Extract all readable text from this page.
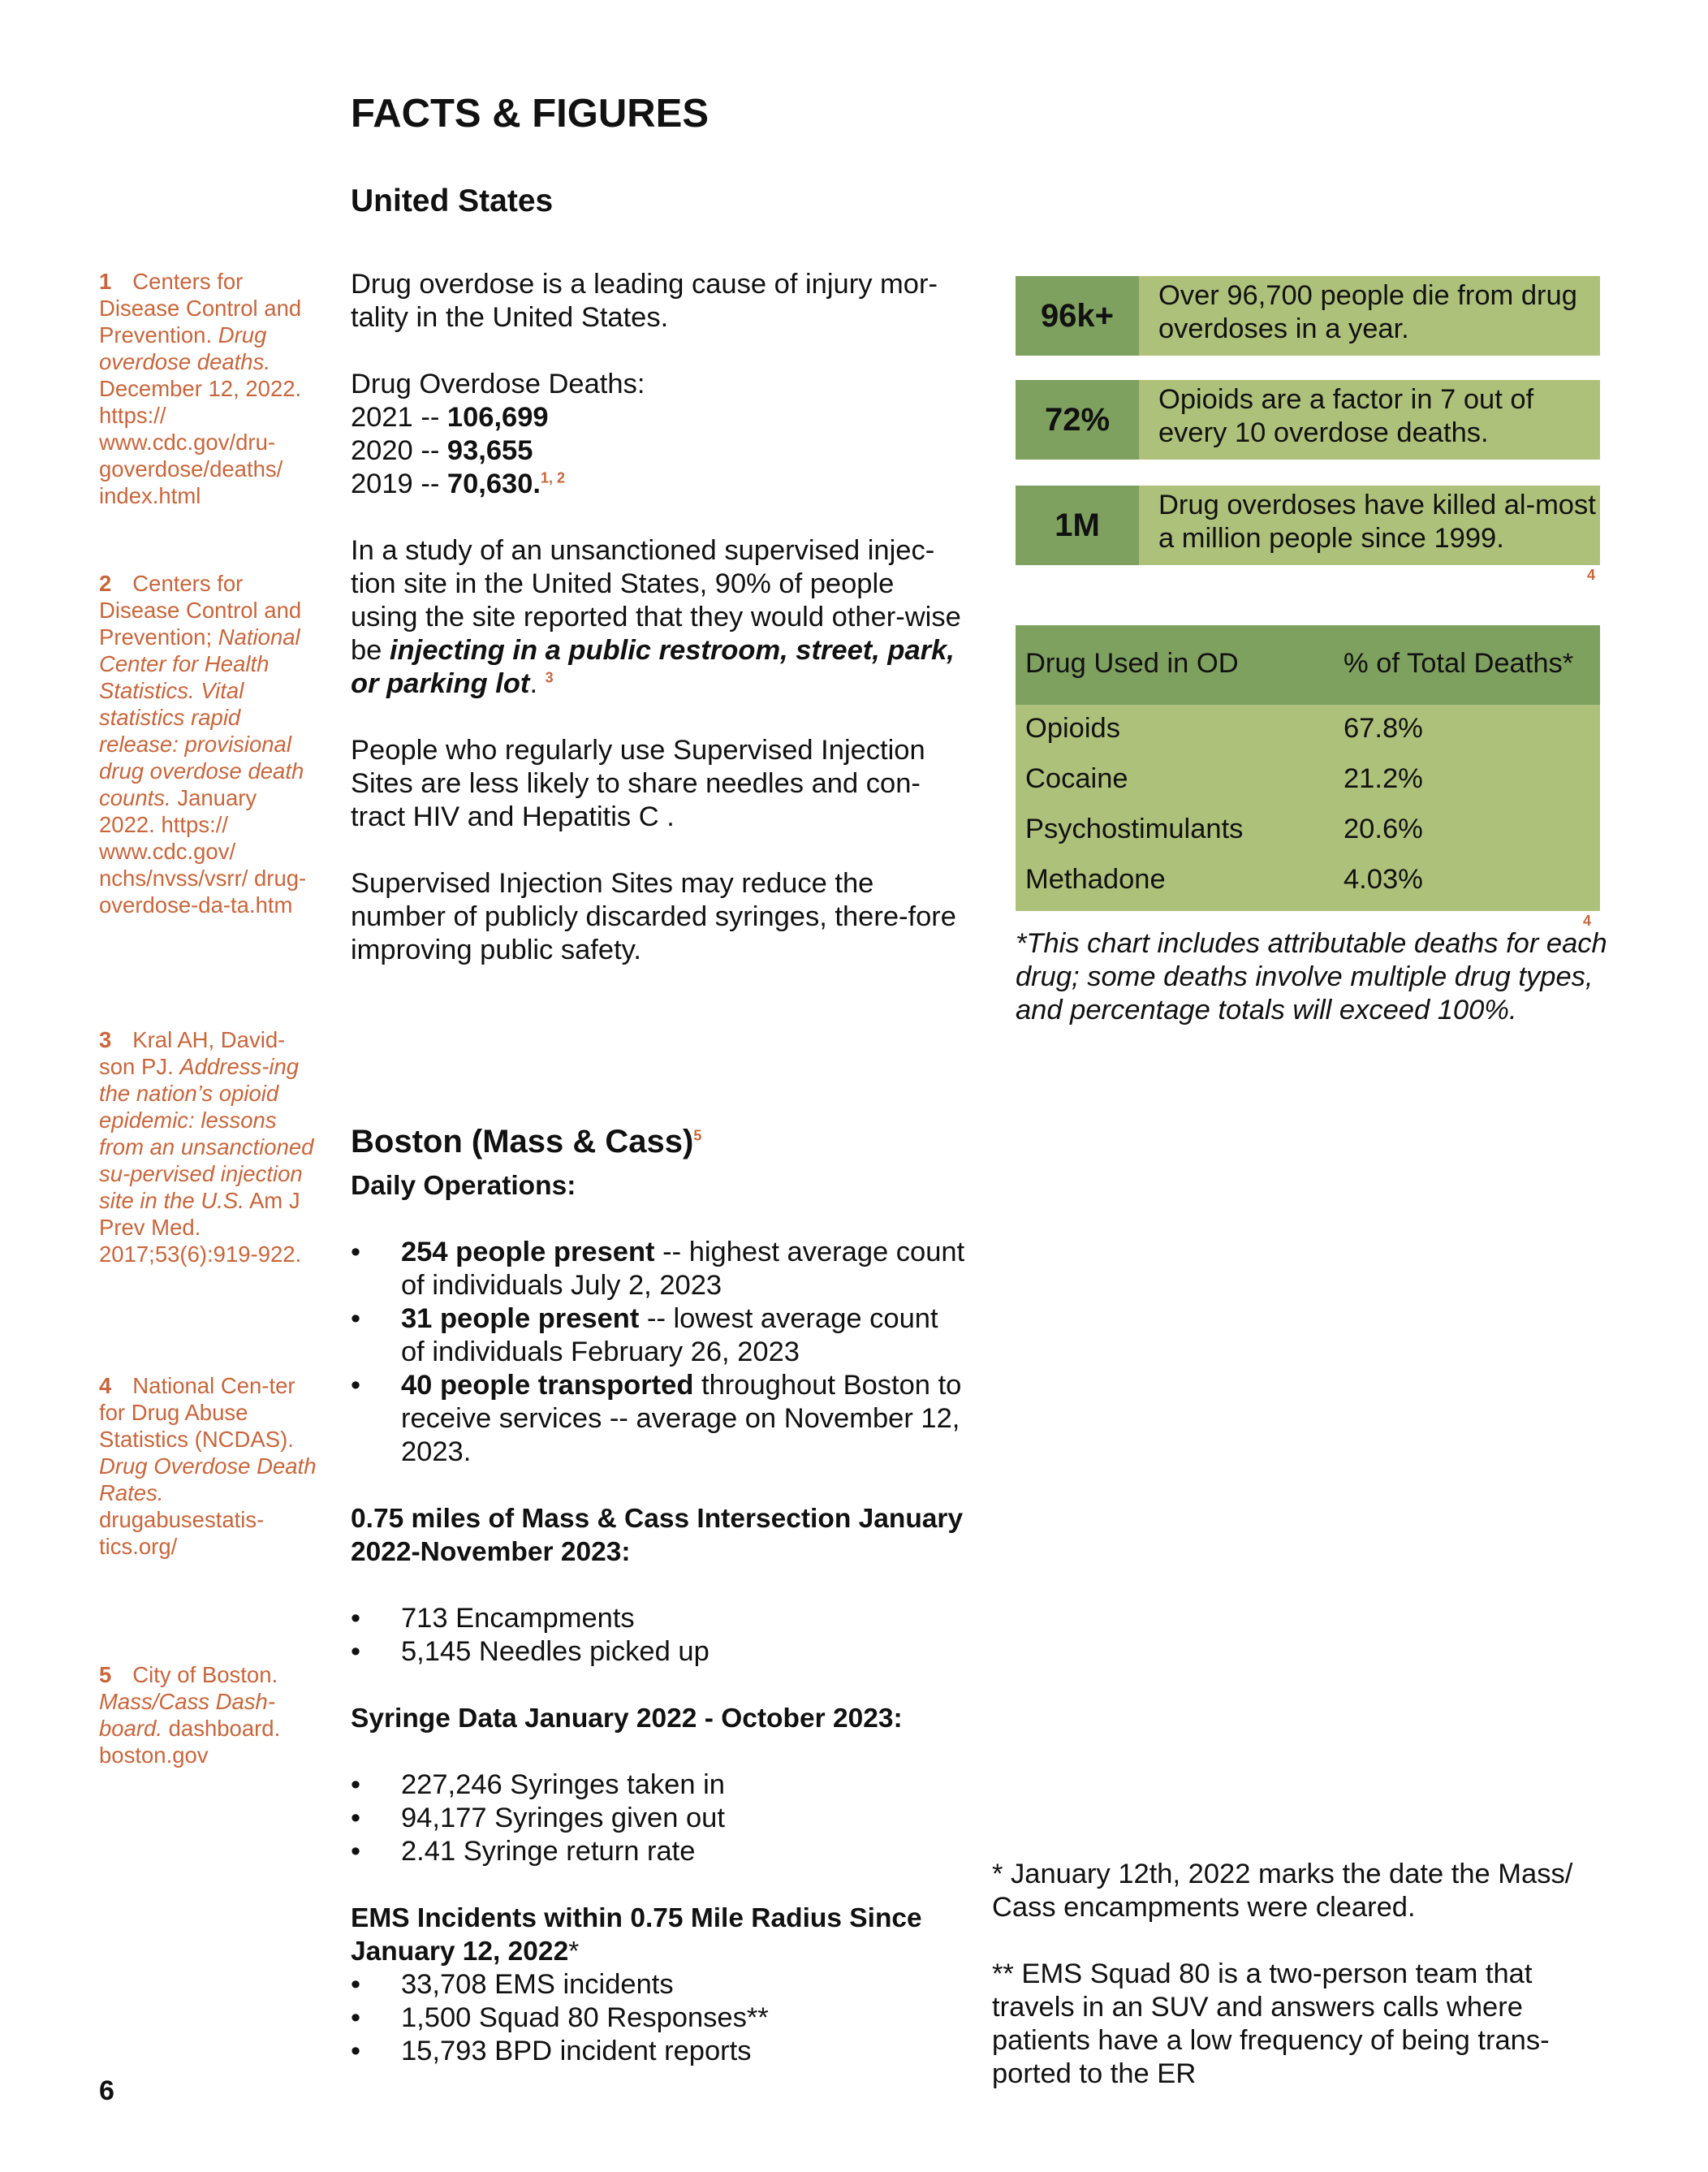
FACTS & FIGURES
United States
1 Centers for Disease Control and Prevention. Drug overdose deaths. December 12, 2022. https:// www.cdc.gov/dru-goverdose/deaths/ index.html
2 Centers for Disease Control and Prevention; National Center for Health Statistics. Vital statistics rapid release: provisional drug overdose death counts. January 2022. https:// www.cdc.gov/ nchs/nvss/vsrr/ drug-overdose-da-ta.htm
3 Kral AH, David-son PJ. Address-ing the nation’s opioid epidemic: lessons from an unsanctioned su-pervised injection site in the U.S. Am J Prev Med. 2017;53(6):919-922.
4 National Cen-ter for Drug Abuse Statistics (NCDAS). Drug Overdose Death Rates. drugabusestatis-tics.org/
5 City of Boston. Mass/Cass Dash-board. dashboard. boston.gov

Drug overdose is a leading cause of injury mor-tality in the United States.

Drug Overdose Deaths:

2021 -- 106,699

2020 -- 93,655

2019 -- 70,630.$^{1, 2}$

In a study of an unsanctioned supervised injec-tion site in the United States, 90% of people using the site reported that they would other-wise be injecting in a public restroom, street, park, or parking lot. $^3$

People who regularly use Supervised Injection Sites are less likely to share needles and con-tract HIV and Hepatitis C .

Supervised Injection Sites may reduce the number of publicly discarded syringes, there-fore improving public safety.

96k+
Over 96,700 people die from drug overdoses in a year.
72%
Opioids are a factor in 7 out of every 10 overdose deaths.
1M
Drug overdoses have killed al-most a million people since 1999.
4
Drug Used in OD	% of Total Deaths*
Opioids	67.8%
Cocaine	21.2%
Psychostimulants	20.6%
Methadone	4.03%
4
*This chart includes attributable deaths for each drug; some deaths involve multiple drug types, and percentage totals will exceed 100%.
Boston (Mass & Cass)$^5$
Daily Operations:
• 254 people present -- highest average count of individuals July 2, 2023
• 31 people present -- lowest average count of individuals February 26, 2023
• 40 people transported throughout Boston to receive services -- average on November 12, 2023.
0.75 miles of Mass & Cass Intersection January 2022-November 2023:
• 713 Encampments
• 5,145 Needles picked up
Syringe Data January 2022 - October 2023:
• 227,246 Syringes taken in
• 94,177 Syringes given out
• 2.41 Syringe return rate
EMS Incidents within 0.75 Mile Radius Since January 12, 2022*
• 33,708 EMS incidents
• 1,500 Squad 80 Responses**
• 15,793 BPD incident reports
* January 12th, 2022 marks the date the Mass/ Cass encampments were cleared.
** EMS Squad 80 is a two-person team that travels in an SUV and answers calls where patients have a low frequency of being trans-ported to the ER
6
